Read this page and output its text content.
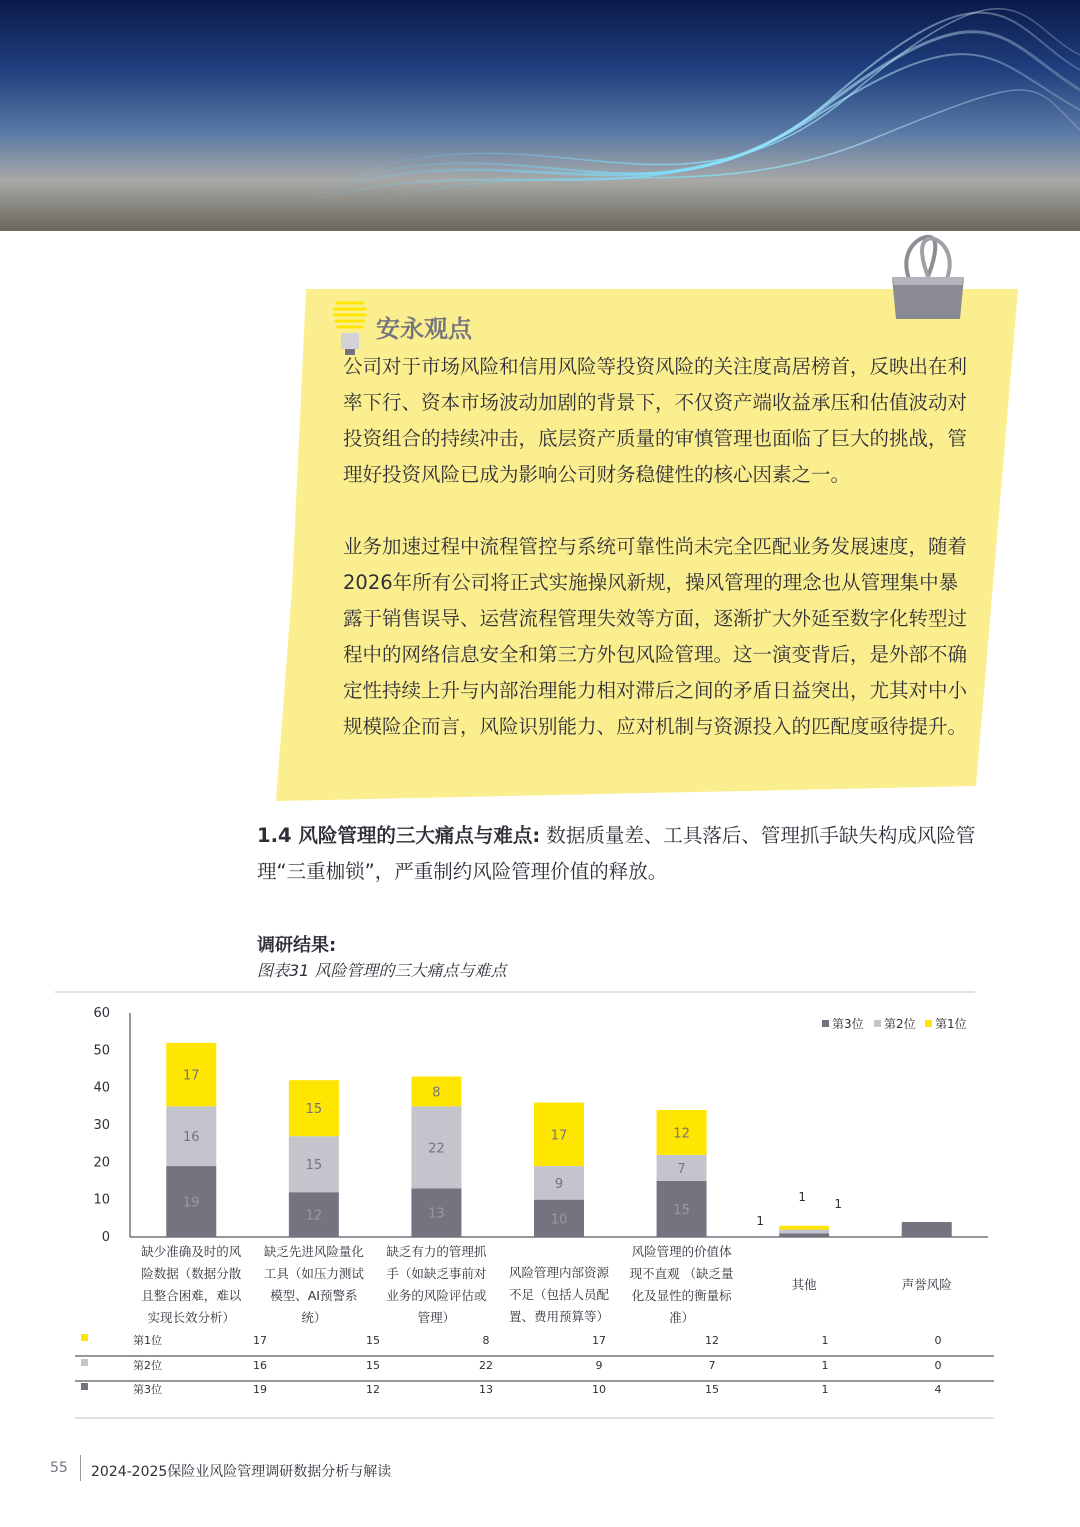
安永观点

公司对于市场风险和信用风险等投资风险的关注度高居榜首，反映出在利率下行、资本市场波动加剧的背景下，不仅资产端收益承压和估值波动对投资组合的持续冲击，底层资产质量的审慎管理也面临了巨大的挑战，管理好投资风险已成为影响公司财务稳健性的核心因素之一。

业务加速过程中流程管控与系统可靠性尚未完全匹配业务发展速度，随着2026年所有公司将正式实施操风新规，操风管理的理念也从管理集中暴露于销售误导、运营流程管理失效等方面，逐渐扩大外延至数字化转型过程中的网络信息安全和第三方外包风险管理。这一演变背后，是外部不确定性持续上升与内部治理能力相对滞后之间的矛盾日益突出，尤其对中小规模险企而言，风险识别能力、应对机制与资源投入的匹配度亟待提升。

1.4 风险管理的三大痛点与难点: 数据质量差、工具落后、管理抓手缺失构成风险管理“三重枷锁”，严重制约风险管理价值的释放。

调研结果:
图表31 风险管理的三大痛点与难点
0
10
20
30
40
50
60
19
16
17
缺少准确及时的风
险数据（数据分散
且整合困难，难以
实现长效分析）
12
15
15
缺乏先进风险量化
工具（如压力测试
模型、AI预警系
统）
13
22
8
缺乏有力的管理抓
手（如缺乏事前对
业务的风险评估或
管理）
10
9
17
风险管理内部资源
不足（包括人员配
置、费用预算等）
15
7
12
风险管理的价值体
现不直观 （缺乏量
化及显性的衡量标
准）
1
1 1
其他
4
声誉风险
第3位 第2位 第1位
第1位	17	15	8	17	12	1	0
第2位	16	15	22	9	7	1	0
第3位	19	12	13	10	15	1	4
55 2024-2025保险业风险管理调研数据分析与解读
